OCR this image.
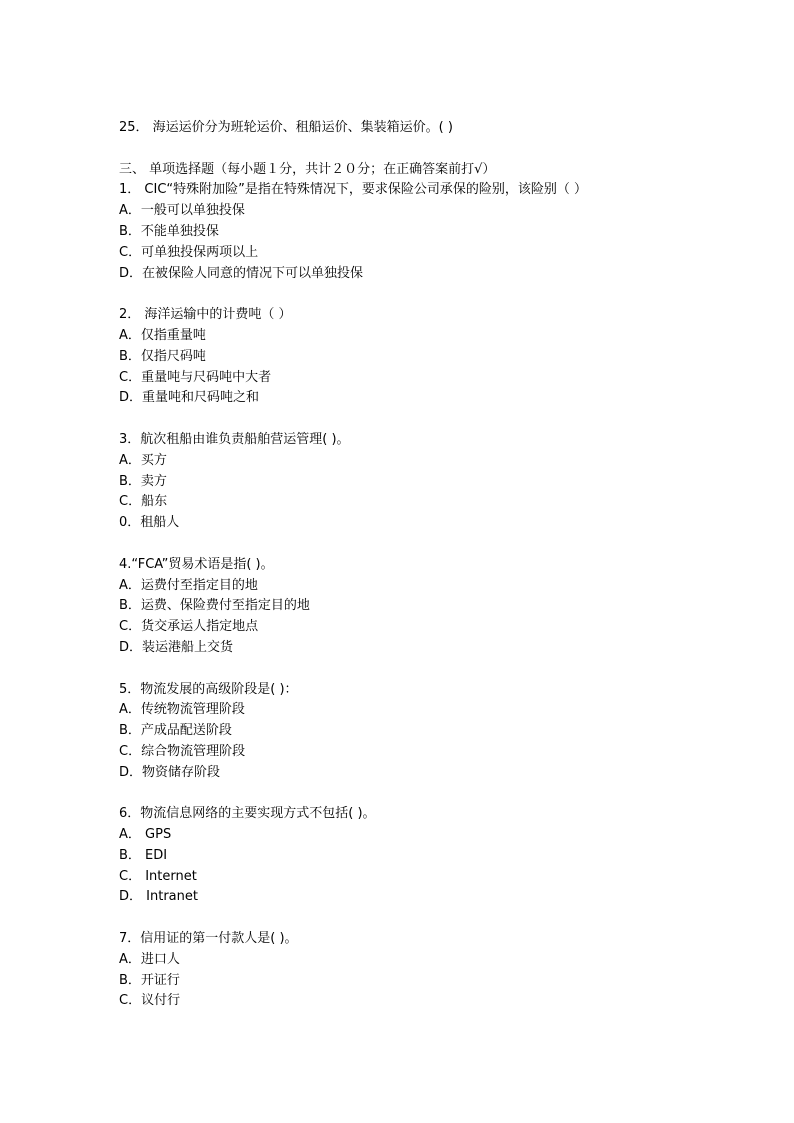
25． 海运运价分为班轮运价、租船运价、集装箱运价。( )
三、 单项选择题（每小题１分，共计２０分；在正确答案前打√）
1． CIC“特殊附加险”是指在特殊情况下，要求保险公司承保的险别，该险别（ ）
A．一般可以单独投保
B．不能单独投保
C．可单独投保两项以上
D．在被保险人同意的情况下可以单独投保
2． 海洋运输中的计费吨（ ）
A．仅指重量吨
B．仅指尺码吨
C．重量吨与尺码吨中大者
D．重量吨和尺码吨之和
3．航次租船由谁负责船舶营运管理( )。
A．买方
B．卖方
C．船东
0．租船人
4.“FCA”贸易术语是指( )。
A．运费付至指定目的地
B．运费、保险费付至指定目的地
C．货交承运人指定地点
D．装运港船上交货
5．物流发展的高级阶段是( )：
A．传统物流管理阶段
B．产成品配送阶段
C．综合物流管理阶段
D．物资储存阶段
6．物流信息网络的主要实现方式不包括( )。
A． GPS
B． EDI
C． Internet
D． Intranet
7．信用证的第一付款人是( )。
A．进口人
B．开证行
C．议付行
